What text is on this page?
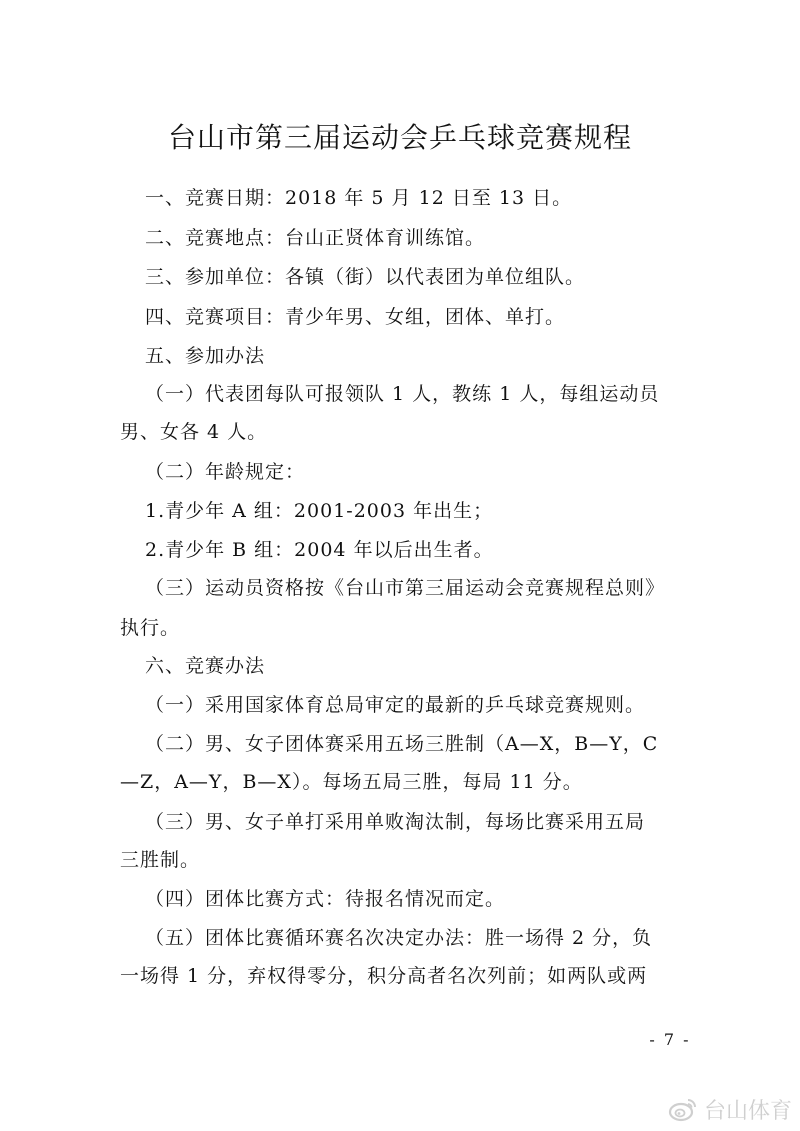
台山市第三届运动会乒乓球竞赛规程
一、竞赛日期：2018 年 5 月 12 日至 13 日。
二、竞赛地点：台山正贤体育训练馆。
三、参加单位：各镇（街）以代表团为单位组队。
四、竞赛项目：青少年男、女组，团体、单打。
五、参加办法
（一）代表团每队可报领队 1 人，教练 1 人，每组运动员
男、女各 4 人。
（二）年龄规定：
1.青少年 A 组：2001-2003 年出生；
2.青少年 B 组：2004 年以后出生者。
（三）运动员资格按《台山市第三届运动会竞赛规程总则》
执行。
六、竞赛办法
（一）采用国家体育总局审定的最新的乒乓球竞赛规则。
（二）男、女子团体赛采用五场三胜制（A—X，B—Y，C
—Z，A—Y，B—X）。每场五局三胜，每局 11 分。
（三）男、女子单打采用单败淘汰制，每场比赛采用五局
三胜制。
（四）团体比赛方式：待报名情况而定。
（五）团体比赛循环赛名次决定办法：胜一场得 2 分，负
一场得 1 分，弃权得零分，积分高者名次列前；如两队或两
- 7 -
台山体育
